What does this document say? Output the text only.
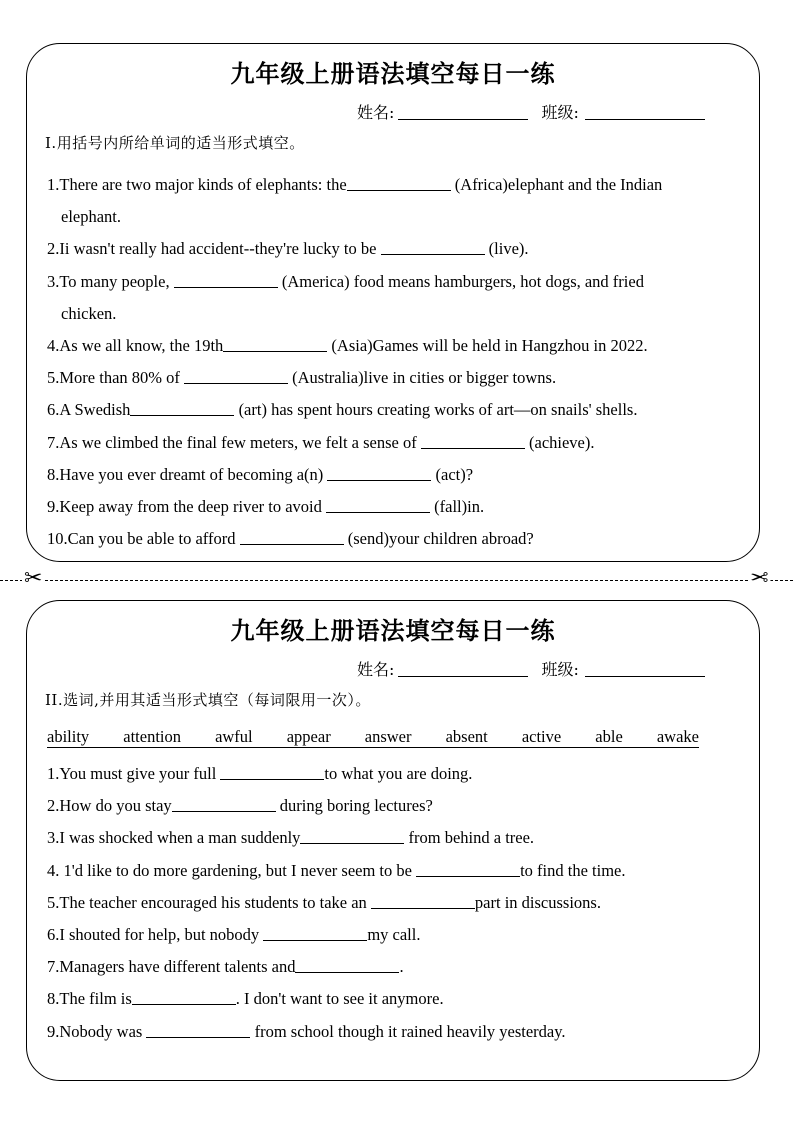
九年级上册语法填空每日一练
姓名:	班级:
I.用括号内所给单词的适当形式填空。
1.There are two major kinds of elephants: the	(Africa)elephant and the Indian
elephant.
2.Ii wasn't really had accident--they're lucky to be	(live).
3.To many people,	(America) food means hamburgers, hot dogs, and fried
chicken.
4.As we all know, the 19th	(Asia)Games will be held in Hangzhou in 2022.
5.More than 80% of	(Australia)live in cities or bigger towns.
6.A Swedish	(art) has spent hours creating works of art—on snails' shells.
7.As we climbed the final few meters, we felt a sense of	(achieve).
8.Have you ever dreamt of becoming a(n)	(act)?
9.Keep away from the deep river to avoid	(fall)in.
10.Can you be able to afford	(send)your children abroad?
✂	✂
九年级上册语法填空每日一练
姓名:	班级:
II.选词,并用其适当形式填空（每词限用一次）。
ability attention awful appear answer absent active able awake
1.You must give your full	to what you are doing.
2.How do you stay	during boring lectures?
3.I was shocked when a man suddenly	from behind a tree.
4. 1'd like to do more gardening, but I never seem to be	to find the time.
5.The teacher encouraged his students to take an	part in discussions.
6.I shouted for help, but nobody	my call.
7.Managers have different talents and	.
8.The film is	. I don't want to see it anymore.
9.Nobody was	from school though it rained heavily yesterday.
